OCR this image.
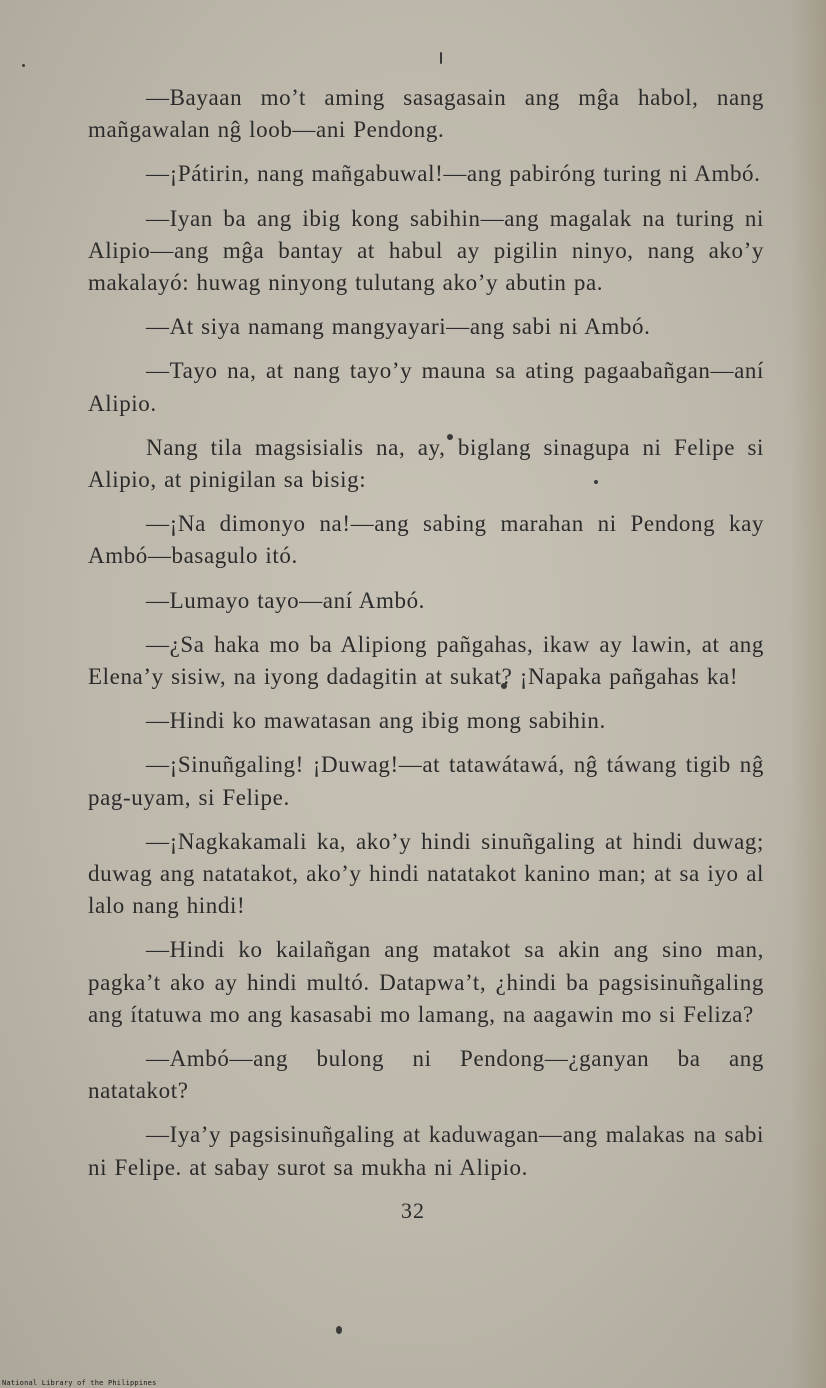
—Bayaan mo’t aming sasagasain ang mĝa habol, nang mañgawalan nĝ loob—ani Pendong.

—¡Pátirin, nang mañgabuwal!—ang pabiróng turing ni Ambó.

—Iyan ba ang ibig kong sabihin—ang magalak na turing ni Alipio—ang mĝa bantay at habul ay pigilin ninyo, nang ako’y makalayó: huwag ninyong tulutang ako’y abutin pa.

—At siya namang mangyayari—ang sabi ni Ambó.

—Tayo na, at nang tayo’y mauna sa ating pagaabañgan—aní Alipio.

Nang tila magsisialis na, ay, biglang sinagupa ni Felipe si Alipio, at pinigilan sa bisig:

—¡Na dimonyo na!—ang sabing marahan ni Pendong kay Ambó—basagulo itó.

—Lumayo tayo—aní Ambó.

—¿Sa haka mo ba Alipiong pañgahas, ikaw ay lawin, at ang Elena’y sisiw, na iyong dadagitin at sukat? ¡Napaka pañgahas ka!

—Hindi ko mawatasan ang ibig mong sabihin.

—¡Sinuñgaling! ¡Duwag!—at tatawátawá, nĝ táwang tigib nĝ pag-uyam, si Felipe.

—¡Nagkakamali ka, ako’y hindi sinuñgaling at hindi duwag; duwag ang natatakot, ako’y hindi natatakot kanino man; at sa iyo al lalo nang hindi!

—Hindi ko kailañgan ang matakot sa akin ang sino man, pagka’t ako ay hindi multó. Datapwa’t, ¿hindi ba pagsisinuñgaling ang ítatuwa mo ang kasasabi mo lamang, na aagawin mo si Feliza?

—Ambó—ang bulong ni Pendong—¿ganyan ba ang natatakot?

—Iya’y pagsisinuñgaling at kaduwagan—ang malakas na sabi ni Felipe. at sabay surot sa mukha ni Alipio.

32
National Library of the Philippines
